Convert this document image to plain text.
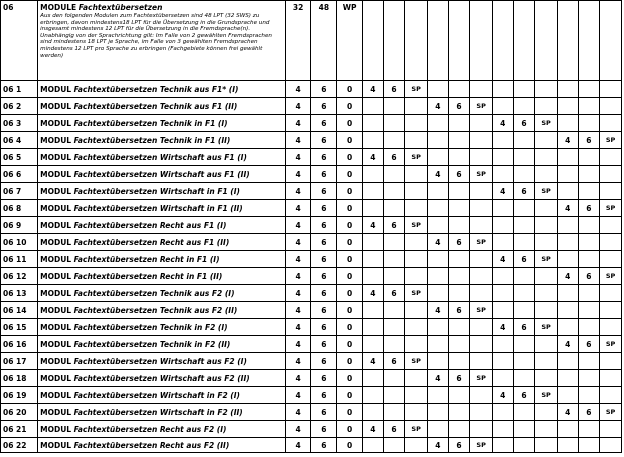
06	MODULE Fachtextübersetzen
Aus den folgenden Modulen zum Fachtextübersetzen sind 48 LPT (32 SWS) zu erbringen, davon mindestens18 LPT für die Übersetzung in die Grundsprache und insgesamt mindestens 12 LPT für die Übersetzung in die Fremdsprache(n). Unabhängig von der Sprachrichtung gilt: Im Falle von 2 gewählten Fremdsprachen sind mindestens 18 LPT je Sprache, im Falle von 3 gewählten Fremdsprachen mindestens 12 LPT pro Sprache zu erbringen (Fachgebiete können frei gewählt werden)	32	48	WP												
06 1	MODUL Fachtextübersetzen Technik aus F1* (I)	4	6	0	4	6	SP									
06 2	MODUL Fachtextübersetzen Technik aus F1 (II)	4	6	0				4	6	SP						
06 3	MODUL Fachtextübersetzen Technik in F1 (I)	4	6	0							4	6	SP			
06 4	MODUL Fachtextübersetzen Technik in F1 (II)	4	6	0										4	6	SP
06 5	MODUL Fachtextübersetzen Wirtschaft aus F1 (I)	4	6	0	4	6	SP									
06 6	MODUL Fachtextübersetzen Wirtschaft aus F1 (II)	4	6	0				4	6	SP						
06 7	MODUL Fachtextübersetzen Wirtschaft in F1 (I)	4	6	0							4	6	SP			
06 8	MODUL Fachtextübersetzen Wirtschaft in F1 (II)	4	6	0										4	6	SP
06 9	MODUL Fachtextübersetzen Recht aus F1 (I)	4	6	0	4	6	SP									
06 10	MODUL Fachtextübersetzen Recht aus F1 (II)	4	6	0				4	6	SP						
06 11	MODUL Fachtextübersetzen Recht in F1 (I)	4	6	0							4	6	SP			
06 12	MODUL Fachtextübersetzen Recht in F1 (II)	4	6	0										4	6	SP
06 13	MODUL Fachtextübersetzen Technik aus F2 (I)	4	6	0	4	6	SP									
06 14	MODUL Fachtextübersetzen Technik aus F2 (II)	4	6	0				4	6	SP						
06 15	MODUL Fachtextübersetzen Technik in F2 (I)	4	6	0							4	6	SP			
06 16	MODUL Fachtextübersetzen Technik in F2 (II)	4	6	0										4	6	SP
06 17	MODUL Fachtextübersetzen Wirtschaft aus F2 (I)	4	6	0	4	6	SP									
06 18	MODUL Fachtextübersetzen Wirtschaft aus F2 (II)	4	6	0				4	6	SP						
06 19	MODUL Fachtextübersetzen Wirtschaft in F2 (I)	4	6	0							4	6	SP			
06 20	MODUL Fachtextübersetzen Wirtschaft in F2 (II)	4	6	0										4	6	SP
06 21	MODUL Fachtextübersetzen Recht aus F2 (I)	4	6	0	4	6	SP									
06 22	MODUL Fachtextübersetzen Recht aus F2 (II)	4	6	0				4	6	SP						
